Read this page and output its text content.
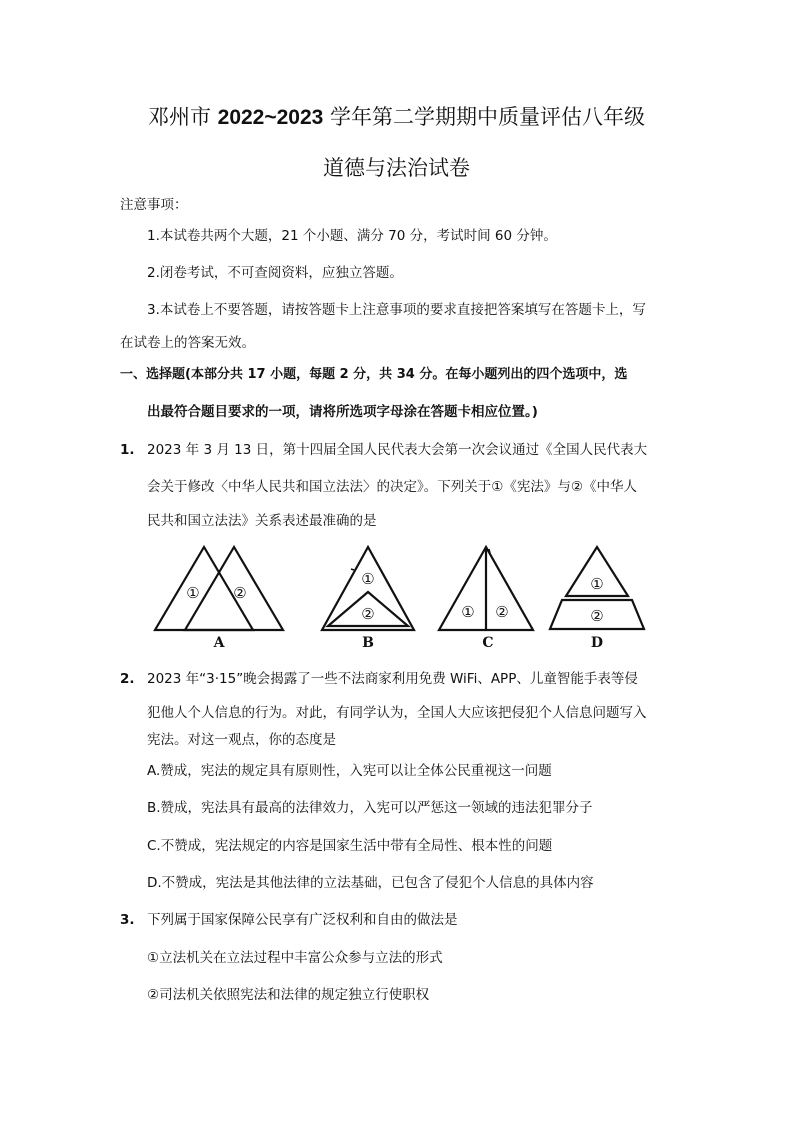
邓州市 2022~2023 学年第二学期期中质量评估八年级
道德与法治试卷
注意事项：
1.本试卷共两个大题，21 个小题、满分 70 分，考试时间 60 分钟。
2.闭卷考试，不可查阅资料，应独立答题。
3.本试卷上不要答题，请按答题卡上注意事项的要求直接把答案填写在答题卡上，写
在试卷上的答案无效。
一、选择题(本部分共 17 小题，每题 2 分，共 34 分。在每小题列出的四个选项中，选
出最符合题目要求的一项，请将所选项字母涂在答题卡相应位置。)
1. 2023 年 3 月 13 日，第十四届全国人民代表大会第一次会议通过《全国人民代表大
会关于修改〈中华人民共和国立法法〉的决定》。下列关于①《宪法》与②《中华人
民共和国立法法》关系表述最准确的是
① ②
①
②	① ②
①
②
A	B	C	D
2. 2023 年“3·15”晚会揭露了一些不法商家利用免费 WiFi、APP、儿童智能手表等侵
犯他人个人信息的行为。对此，有同学认为，全国人大应该把侵犯个人信息问题写入
宪法。对这一观点，你的态度是
A.赞成，宪法的规定具有原则性，入宪可以让全体公民重视这一问题
B.赞成，宪法具有最高的法律效力，入宪可以严惩这一领域的违法犯罪分子
C.不赞成，宪法规定的内容是国家生活中带有全局性、根本性的问题
D.不赞成，宪法是其他法律的立法基础，已包含了侵犯个人信息的具体内容
3. 下列属于国家保障公民享有广泛权利和自由的做法是
①立法机关在立法过程中丰富公众参与立法的形式
②司法机关依照宪法和法律的规定独立行使职权
